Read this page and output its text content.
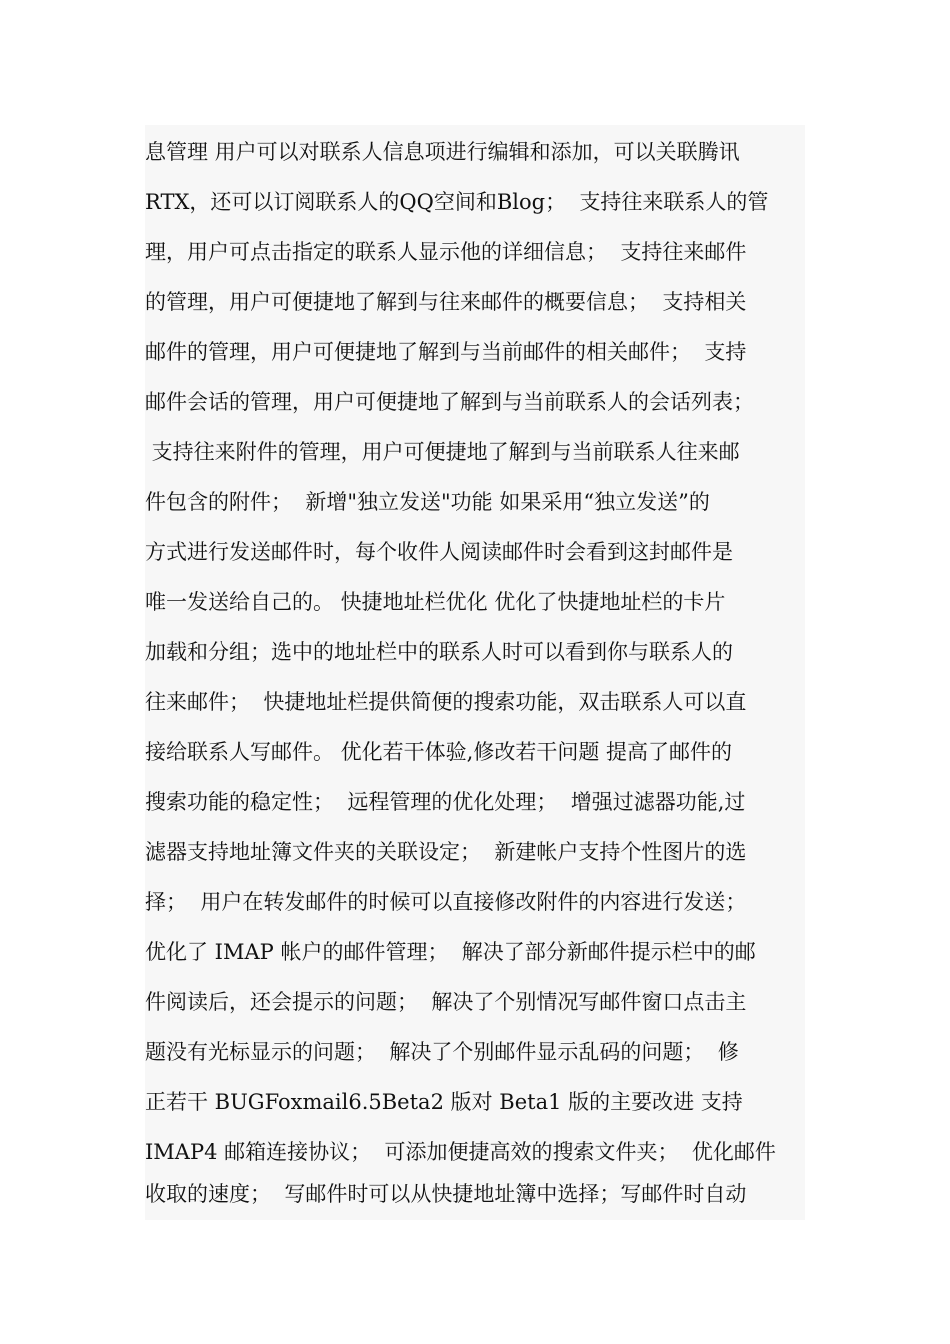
息管理 用户可以对联系人信息项进行编辑和添加，可以关联腾讯
RTX，还可以订阅联系人的QQ空间和Blog；  支持往来联系人的管
理，用户可点击指定的联系人显示他的详细信息；  支持往来邮件
的管理，用户可便捷地了解到与往来邮件的概要信息；  支持相关
邮件的管理，用户可便捷地了解到与当前邮件的相关邮件；  支持
邮件会话的管理，用户可便捷地了解到与当前联系人的会话列表；
支持往来附件的管理，用户可便捷地了解到与当前联系人往来邮
件包含的附件；  新增"独立发送"功能 如果采用“独立发送”的
方式进行发送邮件时，每个收件人阅读邮件时会看到这封邮件是
唯一发送给自己的。 快捷地址栏优化 优化了快捷地址栏的卡片
加载和分组；选中的地址栏中的联系人时可以看到你与联系人的
往来邮件；  快捷地址栏提供简便的搜索功能，双击联系人可以直
接给联系人写邮件。 优化若干体验,修改若干问题 提高了邮件的
搜索功能的稳定性；  远程管理的优化处理；  增强过滤器功能,过
滤器支持地址簿文件夹的关联设定；  新建帐户支持个性图片的选
择；  用户在转发邮件的时候可以直接修改附件的内容进行发送；
优化了 IMAP 帐户的邮件管理；  解决了部分新邮件提示栏中的邮
件阅读后，还会提示的问题；  解决了个别情况写邮件窗口点击主
题没有光标显示的问题；  解决了个别邮件显示乱码的问题；  修
正若干 BUGFoxmail6.5Beta2 版对 Beta1 版的主要改进 支持
IMAP4 邮箱连接协议；  可添加便捷高效的搜索文件夹；  优化邮件
收取的速度；  写邮件时可以从快捷地址簿中选择；写邮件时自动
